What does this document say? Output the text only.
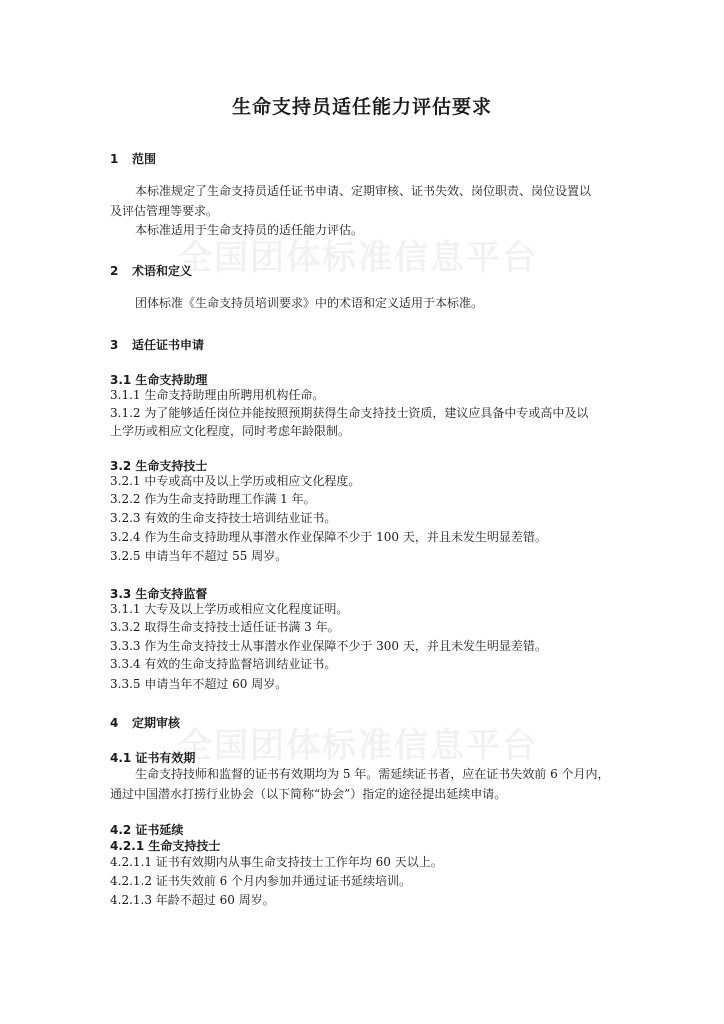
全国团体标准信息平台
全国团体标准信息平台
生命支持员适任能力评估要求
1 范围
本标准规定了生命支持员适任证书申请、定期审核、证书失效、岗位职责、岗位设置以
及评估管理等要求。
本标准适用于生命支持员的适任能力评估。
2 术语和定义
团体标准《生命支持员培训要求》中的术语和定义适用于本标准。
3 适任证书申请
3.1 生命支持助理
3.1.1 生命支持助理由所聘用机构任命。
3.1.2 为了能够适任岗位并能按照预期获得生命支持技士资质，建议应具备中专或高中及以
上学历或相应文化程度，同时考虑年龄限制。
3.2 生命支持技士
3.2.1 中专或高中及以上学历或相应文化程度。
3.2.2 作为生命支持助理工作满 1 年。
3.2.3 有效的生命支持技士培训结业证书。
3.2.4 作为生命支持助理从事潜水作业保障不少于 100 天，并且未发生明显差错。
3.2.5 申请当年不超过 55 周岁。
3.3 生命支持监督
3.1.1 大专及以上学历或相应文化程度证明。
3.3.2 取得生命支持技士适任证书满 3 年。
3.3.3 作为生命支持技士从事潜水作业保障不少于 300 天，并且未发生明显差错。
3.3.4 有效的生命支持监督培训结业证书。
3.3.5 申请当年不超过 60 周岁。
4 定期审核
4.1 证书有效期
生命支持技师和监督的证书有效期均为 5 年。需延续证书者，应在证书失效前 6 个月内，
通过中国潜水打捞行业协会（以下简称“协会”）指定的途径提出延续申请。
4.2 证书延续
4.2.1 生命支持技士
4.2.1.1 证书有效期内从事生命支持技士工作年均 60 天以上。
4.2.1.2 证书失效前 6 个月内参加并通过证书延续培训。
4.2.1.3 年龄不超过 60 周岁。
